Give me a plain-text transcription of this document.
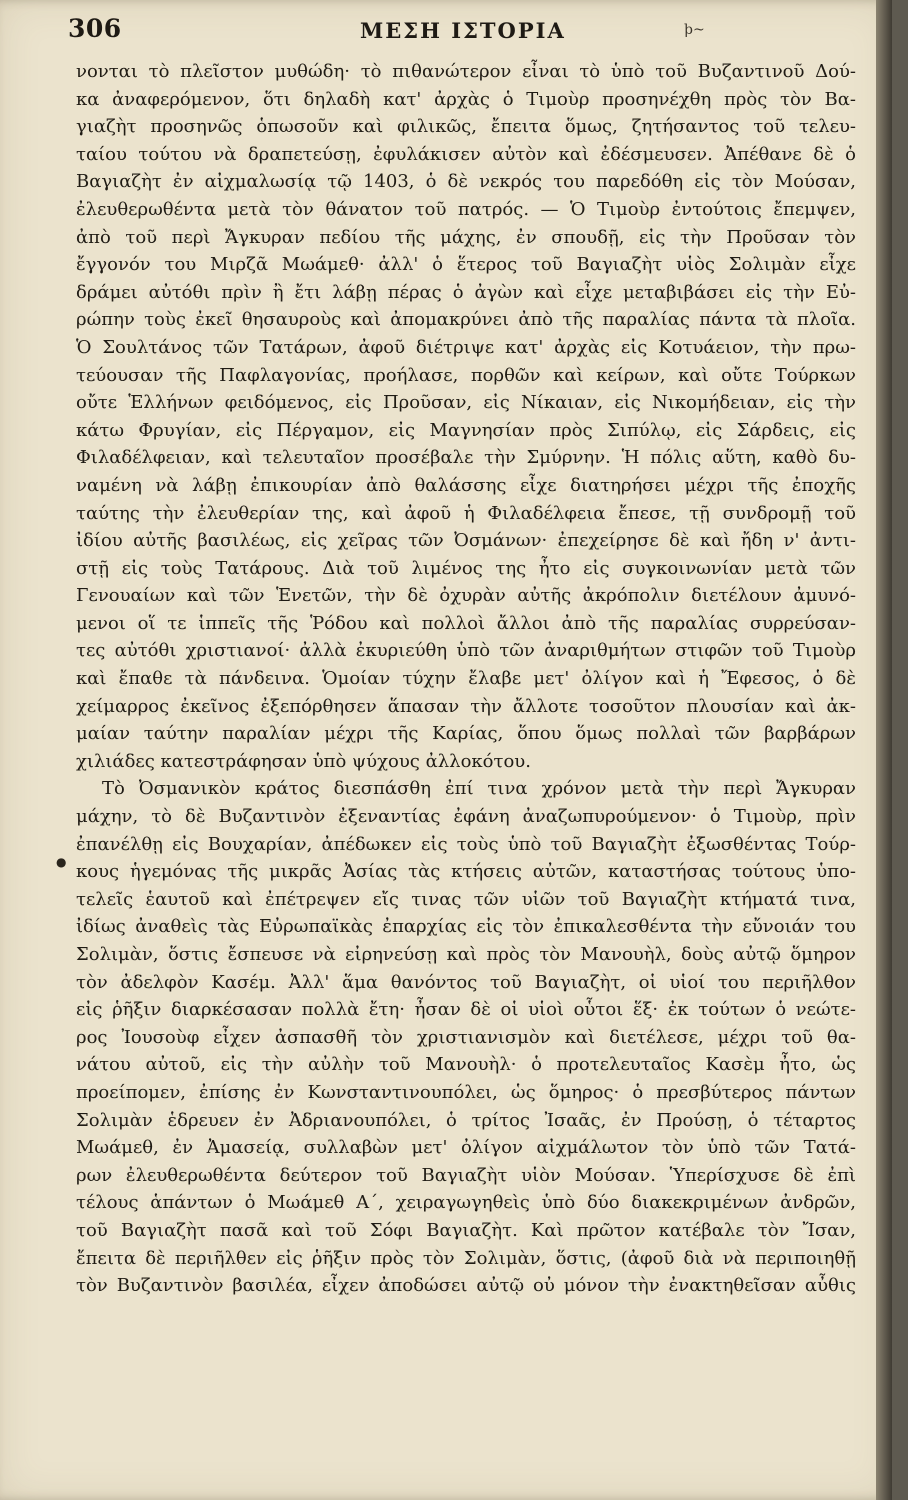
306	ΜΕΣΗ ΙΣΤΟΡΙΑ	ϸ~
●
νονται τὸ πλεῖστον μυθώδη· τὸ πιθανώτερον εἶναι τὸ ὑπὸ τοῦ Βυζαντινοῦ Δού-
κα ἀναφερόμενον, ὅτι δηλαδὴ κατ' ἀρχὰς ὁ Τιμοὺρ προσηνέχθη πρὸς τὸν Βα-
γιαζὴτ προσηνῶς ὁπωσοῦν καὶ φιλικῶς, ἔπειτα ὅμως, ζητήσαντος τοῦ τελευ-
ταίου τούτου νὰ δραπετεύσῃ, ἐφυλάκισεν αὐτὸν καὶ ἐδέσμευσεν. Ἀπέθανε δὲ ὁ
Βαγιαζὴτ ἐν αἰχμαλωσίᾳ τῷ 1403, ὁ δὲ νεκρός του παρεδόθη εἰς τὸν Μούσαν,
ἐλευθερωθέντα μετὰ τὸν θάνατον τοῦ πατρός. — Ὁ Τιμοὺρ ἐντούτοις ἔπεμψεν,
ἀπὸ τοῦ περὶ Ἄγκυραν πεδίου τῆς μάχης, ἐν σπουδῇ, εἰς τὴν Προῦσαν τὸν
ἔγγονόν του Μιρζᾶ Μωάμεθ· ἀλλ' ὁ ἕτερος τοῦ Βαγιαζὴτ υἱὸς Σολιμὰν εἶχε
δράμει αὐτόθι πρὶν ἢ ἔτι λάβῃ πέρας ὁ ἀγὼν καὶ εἶχε μεταβιβάσει εἰς τὴν Εὐ-
ρώπην τοὺς ἐκεῖ θησαυροὺς καὶ ἀπομακρύνει ἀπὸ τῆς παραλίας πάντα τὰ πλοῖα.
Ὁ Σουλτάνος τῶν Τατάρων, ἀφοῦ διέτριψε κατ' ἀρχὰς εἰς Κοτυάειον, τὴν πρω-
τεύουσαν τῆς Παφλαγονίας, προήλασε, πορθῶν καὶ κείρων, καὶ οὔτε Τούρκων
οὔτε Ἑλλήνων φειδόμενος, εἰς Προῦσαν, εἰς Νίκαιαν, εἰς Νικομήδειαν, εἰς τὴν
κάτω Φρυγίαν, εἰς Πέργαμον, εἰς Μαγνησίαν πρὸς Σιπύλῳ, εἰς Σάρδεις, εἰς
Φιλαδέλφειαν, καὶ τελευταῖον προσέβαλε τὴν Σμύρνην. Ἡ πόλις αὕτη, καθὸ δυ-
ναμένη νὰ λάβῃ ἐπικουρίαν ἀπὸ θαλάσσης εἶχε διατηρήσει μέχρι τῆς ἐποχῆς
ταύτης τὴν ἐλευθερίαν της, καὶ ἀφοῦ ἡ Φιλαδέλφεια ἔπεσε, τῇ συνδρομῇ τοῦ
ἰδίου αὐτῆς βασιλέως, εἰς χεῖρας τῶν Ὀσμάνων· ἐπεχείρησε δὲ καὶ ἤδη ν' ἀντι-
στῇ εἰς τοὺς Τατάρους. Διὰ τοῦ λιμένος της ἦτο εἰς συγκοινωνίαν μετὰ τῶν
Γενουαίων καὶ τῶν Ἑνετῶν, τὴν δὲ ὀχυρὰν αὐτῆς ἀκρόπολιν διετέλουν ἀμυνό-
μενοι οἵ τε ἱππεῖς τῆς Ῥόδου καὶ πολλοὶ ἄλλοι ἀπὸ τῆς παραλίας συρρεύσαν-
τες αὐτόθι χριστιανοί· ἀλλὰ ἐκυριεύθη ὑπὸ τῶν ἀναριθμήτων στιφῶν τοῦ Τιμοὺρ
καὶ ἔπαθε τὰ πάνδεινα. Ὁμοίαν τύχην ἔλαβε μετ' ὀλίγον καὶ ἡ Ἔφεσος, ὁ δὲ
χείμαρρος ἐκεῖνος ἐξεπόρθησεν ἅπασαν τὴν ἄλλοτε τοσοῦτον πλουσίαν καὶ ἀκ-
μαίαν ταύτην παραλίαν μέχρι τῆς Καρίας, ὅπου ὅμως πολλαὶ τῶν βαρβάρων
χιλιάδες κατεστράφησαν ὑπὸ ψύχους ἀλλοκότου.
Τὸ Ὀσμανικὸν κράτος διεσπάσθη ἐπί τινα χρόνον μετὰ τὴν περὶ Ἄγκυραν
μάχην, τὸ δὲ Βυζαντινὸν ἐξεναντίας ἐφάνη ἀναζωπυρούμενον· ὁ Τιμοὺρ, πρὶν
ἐπανέλθῃ εἰς Βουχαρίαν, ἀπέδωκεν εἰς τοὺς ὑπὸ τοῦ Βαγιαζὴτ ἐξωσθέντας Τούρ-
κους ἡγεμόνας τῆς μικρᾶς Ἀσίας τὰς κτήσεις αὐτῶν, καταστήσας τούτους ὑπο-
τελεῖς ἑαυτοῦ καὶ ἐπέτρεψεν εἴς τινας τῶν υἱῶν τοῦ Βαγιαζὴτ κτήματά τινα,
ἰδίως ἀναθεὶς τὰς Εὐρωπαϊκὰς ἐπαρχίας εἰς τὸν ἐπικαλεσθέντα τὴν εὔνοιάν του
Σολιμὰν, ὅστις ἔσπευσε νὰ εἰρηνεύσῃ καὶ πρὸς τὸν Μανουὴλ, δοὺς αὐτῷ ὅμηρον
τὸν ἀδελφὸν Κασέμ. Ἀλλ' ἅμα θανόντος τοῦ Βαγιαζὴτ, οἱ υἱοί του περιῆλθον
εἰς ῥῆξιν διαρκέσασαν πολλὰ ἔτη· ἦσαν δὲ οἱ υἱοὶ οὗτοι ἕξ· ἐκ τούτων ὁ νεώτε-
ρος Ἰουσοὺφ εἶχεν ἀσπασθῆ τὸν χριστιανισμὸν καὶ διετέλεσε, μέχρι τοῦ θα-
νάτου αὐτοῦ, εἰς τὴν αὐλὴν τοῦ Μανουὴλ· ὁ προτελευταῖος Κασὲμ ἦτο, ὡς
προείπομεν, ἐπίσης ἐν Κωνσταντινουπόλει, ὡς ὅμηρος· ὁ πρεσβύτερος πάντων
Σολιμὰν ἑδρευεν ἐν Ἀδριανουπόλει, ὁ τρίτος Ἰσαᾶς, ἐν Προύσῃ, ὁ τέταρτος
Μωάμεθ, ἐν Ἀμασείᾳ, συλλαβὼν μετ' ὀλίγον αἰχμάλωτον τὸν ὑπὸ τῶν Τατά-
ρων ἐλευθερωθέντα δεύτερον τοῦ Βαγιαζὴτ υἱὸν Μούσαν. Ὑπερίσχυσε δὲ ἐπὶ
τέλους ἁπάντων ὁ Μωάμεθ Α΄, χειραγωγηθεὶς ὑπὸ δύο διακεκριμένων ἀνδρῶν,
τοῦ Βαγιαζὴτ πασᾶ καὶ τοῦ Σόφι Βαγιαζὴτ. Καὶ πρῶτον κατέβαλε τὸν Ἴσαν,
ἔπειτα δὲ περιῆλθεν εἰς ῥῆξιν πρὸς τὸν Σολιμὰν, ὅστις, (ἀφοῦ διὰ νὰ περιποιηθῇ
τὸν Βυζαντινὸν βασιλέα, εἶχεν ἀποδώσει αὐτῷ οὐ μόνον τὴν ἐνακτηθεῖσαν αὖθις
